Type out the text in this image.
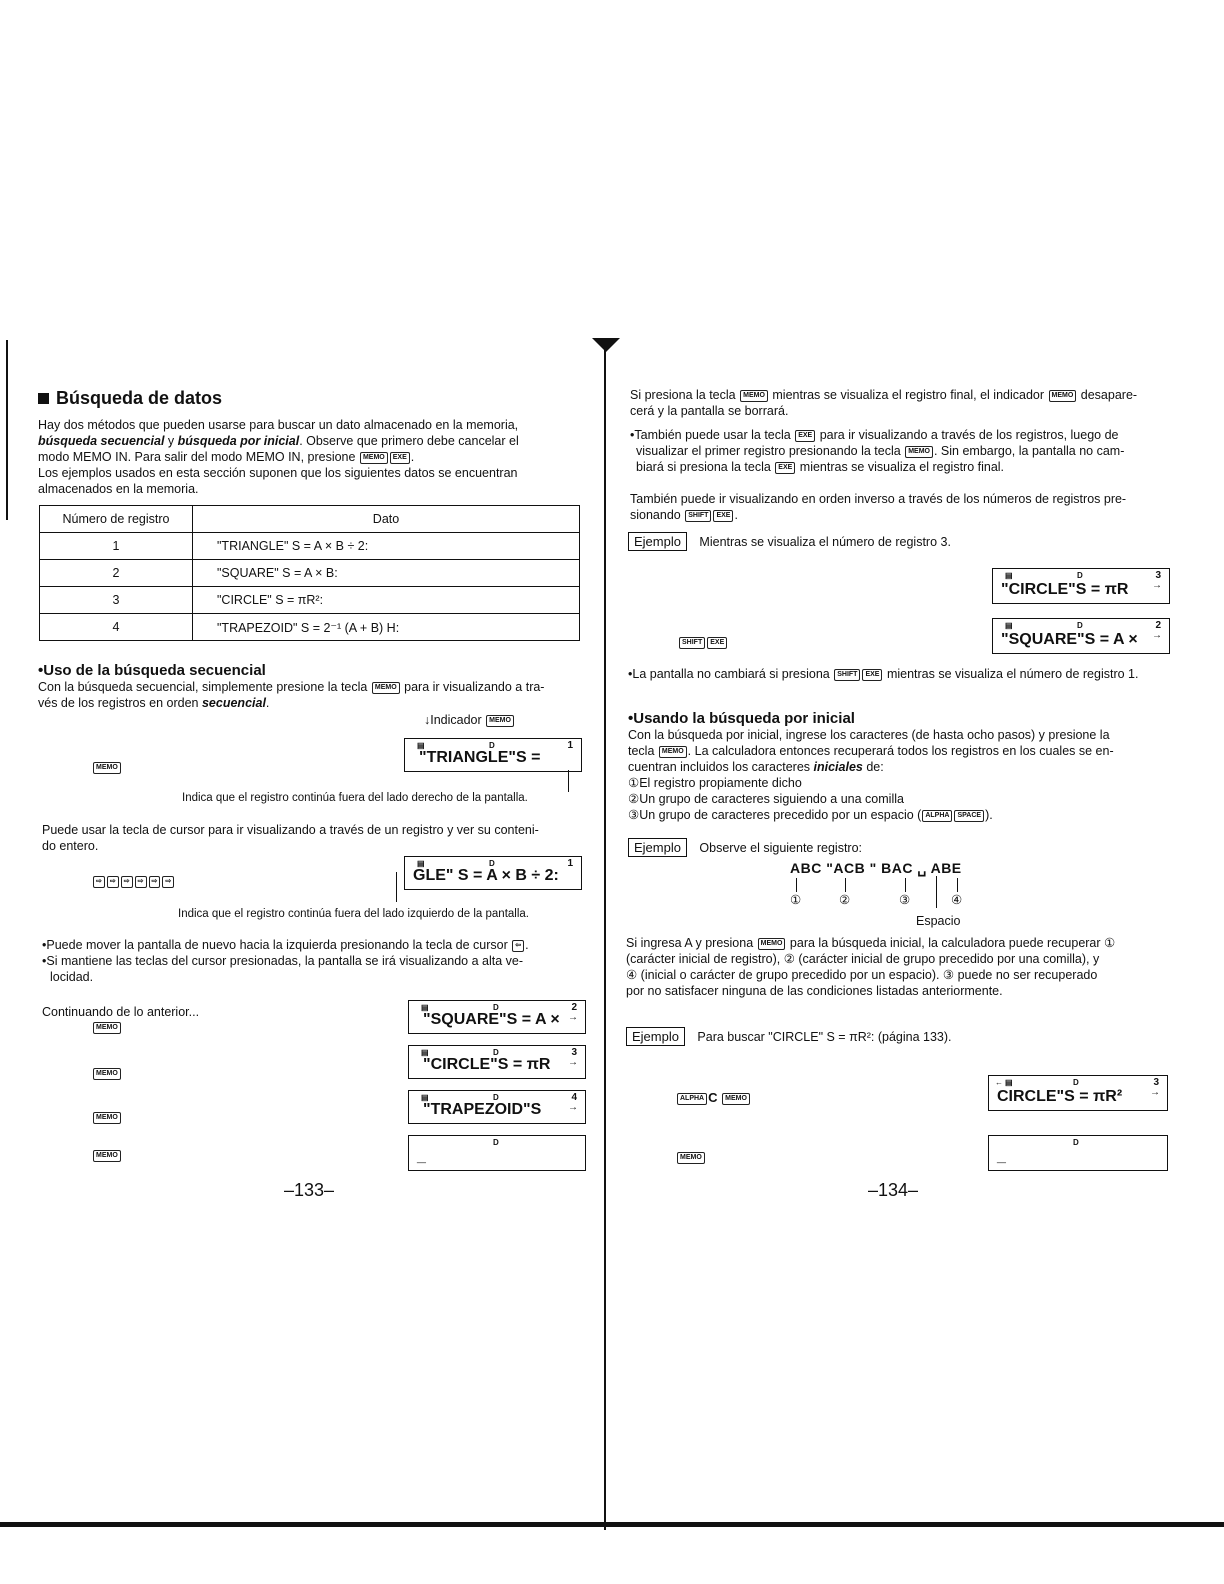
Búsqueda de datos

Hay dos métodos que pueden usarse para buscar un dato almacenado en la memoria,

búsqueda secuencial y búsqueda por inicial. Observe que primero debe cancelar el

modo MEMO IN. Para salir del modo MEMO IN, presione MEMO EXE .

Los ejemplos usados en esta sección suponen que los siguientes datos se encuentran

almacenados en la memoria.

Número de registro	Dato
1	"TRIANGLE" S = A × B ÷ 2:
2	"SQUARE" S = A × B:
3	"CIRCLE" S = πR²:
4	"TRAPEZOID" S = 2⁻¹ (A + B) H:
•Uso de la búsqueda secuencial

Con la búsqueda secuencial, simplemente presione la tecla MEMO para ir visualizando a tra-

vés de los registros en orden secuencial.

↓Indicador MEMO
MEMO
▤	D	1
"TRIANGLE"S =

Indica que el registro continúa fuera del lado derecho de la pantalla.

Puede usar la tecla de cursor para ir visualizando a través de un registro y ver su conteni-

do entero.

⇨ ⇨ ⇨ ⇨ ⇨ ⇨
▤	D	1
GLE" S = A × B ÷ 2:

Indica que el registro continúa fuera del lado izquierdo de la pantalla.

•Puede mover la pantalla de nuevo hacia la izquierda presionando la tecla de cursor ⇦ .

•Si mantiene las teclas del cursor presionadas, la pantalla se irá visualizando a alta ve-

locidad.

Continuando de lo anterior...

MEMO
▤	D	2
→
"SQUARE"S = A ×
MEMO
▤	D	3
→
"CIRCLE"S = πR
MEMO
▤	D	4
→
"TRAPEZOID"S
MEMO
D
_
–133–

Si presiona la tecla MEMO mientras se visualiza el registro final, el indicador MEMO desapare-

cerá y la pantalla se borrará.

•También puede usar la tecla EXE para ir visualizando a través de los registros, luego de

visualizar el primer registro presionando la tecla MEMO . Sin embargo, la pantalla no cam-

biará si presiona la tecla EXE mientras se visualiza el registro final.

También puede ir visualizando en orden inverso a través de los números de registros pre-

sionando SHIFT EXE .

Ejemplo Mientras se visualiza el número de registro 3.
▤	D	3
→
"CIRCLE"S = πR
SHIFT EXE
▤	D	2
→
"SQUARE"S = A ×

•La pantalla no cambiará si presiona SHIFT EXE mientras se visualiza el número de registro 1.

•Usando la búsqueda por inicial

Con la búsqueda por inicial, ingrese los caracteres (de hasta ocho pasos) y presione la

tecla MEMO . La calculadora entonces recuperará todos los registros en los cuales se en-

cuentran incluidos los caracteres iniciales de:

①El registro propiamente dicho

②Un grupo de caracteres siguiendo a una comilla

③Un grupo de caracteres precedido por un espacio ( ALPHA SPACE ).

Ejemplo Observe el siguiente registro:
ABC "ACB " BAC ␣ ABE
①	②	③	④
Espacio

Si ingresa A y presiona MEMO para la búsqueda inicial, la calculadora puede recuperar ①

(carácter inicial de registro), ② (carácter inicial de grupo precedido por una comilla), y

④ (inicial o carácter de grupo precedido por un espacio). ③ puede no ser recuperado

por no satisfacer ninguna de las condiciones listadas anteriormente.

Ejemplo Para buscar "CIRCLE" S = πR²: (página 133).
ALPHA C MEMO
← ▤	D	3
→
CIRCLE"S = πR²
MEMO
D
_
–134–
